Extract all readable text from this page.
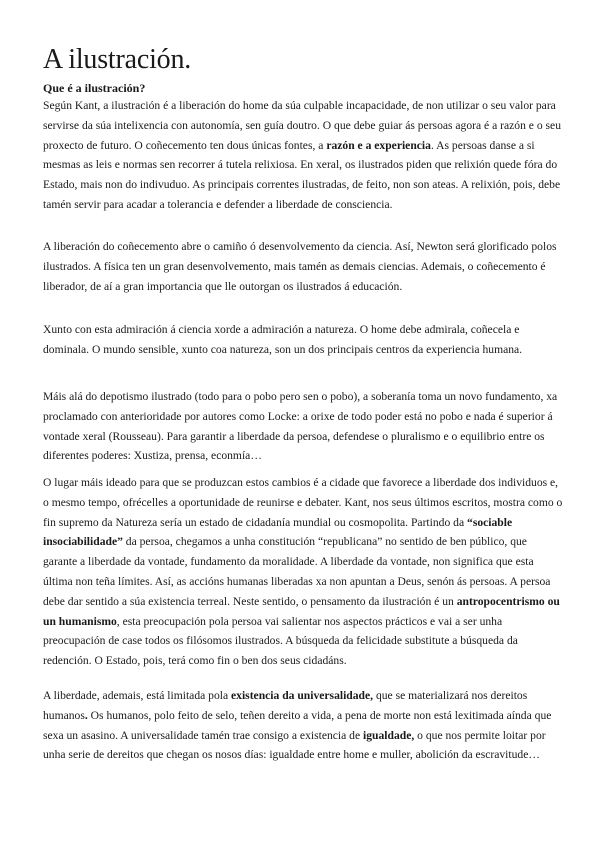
A ilustración.
Que é a ilustración?

Según Kant, a ilustración é a liberación do home da súa culpable incapacidade, de non utilizar o seu valor para servirse da súa intelixencia con autonomía, sen guía doutro. O que debe guiar ás persoas agora é a razón e o seu proxecto de futuro. O coñecemento ten dous únicas fontes, a razón e a experiencia. As persoas danse a si mesmas as leis e normas sen recorrer á tutela relixiosa. En xeral, os ilustrados piden que relixión quede fóra do Estado, mais non do indivuduo. As principais correntes ilustradas, de feito, non son ateas. A relixión, pois, debe tamén servir para acadar a tolerancia e defender a liberdade de consciencia.

A liberación do coñecemento abre o camiño ó desenvolvemento da ciencia. Así, Newton será glorificado polos ilustrados. A física ten un gran desenvolvemento, mais tamén as demais ciencias. Ademais, o coñecemento é liberador, de aí a gran importancia que lle outorgan os ilustrados á educación.

Xunto con esta admiración á ciencia xorde a admiración a natureza. O home debe admirala, coñecela e dominala. O mundo sensible, xunto coa natureza, son un dos principais centros da experiencia humana.

Máis alá do depotismo ilustrado (todo para o pobo pero sen o pobo), a soberanía toma un novo fundamento, xa proclamado con anterioridade por autores como Locke: a orixe de todo poder está no pobo e nada é superior á vontade xeral (Rousseau). Para garantir a liberdade da persoa, defendese o pluralismo e o equilibrio entre os diferentes poderes: Xustiza, prensa, econmía…

O lugar máis ideado para que se produzcan estos cambios é a cidade que favorece a liberdade dos individuos e, o mesmo tempo, ofrécelles a oportunidade de reunirse e debater. Kant, nos seus últimos escritos, mostra como o fin supremo da Natureza sería un estado de cidadanía mundial ou cosmopolita. Partindo da “sociable insociabilidade” da persoa, chegamos a unha constitución “republicana” no sentido de ben público, que garante a liberdade da vontade, fundamento da moralidade. A liberdade da vontade, non significa que esta última non teña límites. Así, as accións humanas liberadas xa non apuntan a Deus, senón ás persoas. A persoa debe dar sentido a súa existencia terreal. Neste sentido, o pensamento da ilustración é un antropocentrismo ou un humanismo, esta preocupación pola persoa vai salientar nos aspectos prácticos e vai a ser unha preocupación de case todos os filósomos ilustrados. A búsqueda da felicidade substitute a búsqueda da redención. O Estado, pois, terá como fin o ben dos seus cidadáns.

A liberdade, ademais, está limitada pola existencia da universalidade, que se materializará nos dereitos humanos. Os humanos, polo feito de selo, teñen dereito a vida, a pena de morte non está lexitimada aínda que sexa un asasino. A universalidade tamén trae consigo a existencia de igualdade, o que nos permite loitar por unha serie de dereitos que chegan os nosos días: igualdade entre home e muller, abolición da escravitude…
